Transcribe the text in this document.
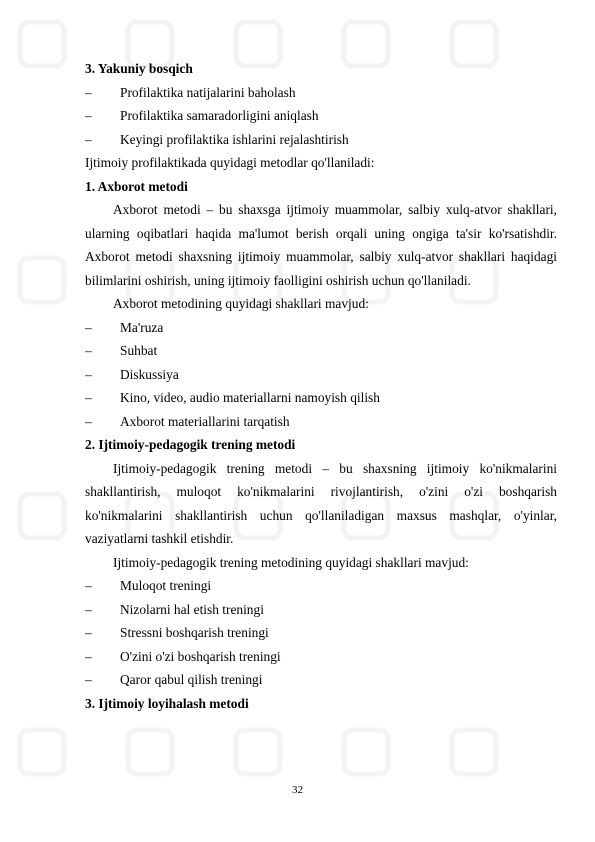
3. Yakuniy bosqich
– Profilaktika natijalarini baholash
– Profilaktika samaradorligini aniqlash
– Keyingi profilaktika ishlarini rejalashtirish
Ijtimoiy profilaktikada quyidagi metodlar qo'llaniladi:
1. Axborot metodi

Axborot metodi – bu shaxsga ijtimoiy muammolar, salbiy xulq-atvor shakllari, ularning oqibatlari haqida ma'lumot berish orqali uning ongiga ta'sir ko'rsatishdir. Axborot metodi shaxsning ijtimoiy muammolar, salbiy xulq-atvor shakllari haqidagi bilimlarini oshirish, uning ijtimoiy faolligini oshirish uchun qo'llaniladi.

Axborot metodining quyidagi shakllari mavjud:
– Ma'ruza
– Suhbat
– Diskussiya
– Kino, video, audio materiallarni namoyish qilish
– Axborot materiallarini tarqatish
2. Ijtimoiy-pedagogik trening metodi

Ijtimoiy-pedagogik trening metodi – bu shaxsning ijtimoiy ko'nikmalarini shakllantirish, muloqot ko'nikmalarini rivojlantirish, o'zini o'zi boshqarish ko'nikmalarini shakllantirish uchun qo'llaniladigan maxsus mashqlar, o'yinlar, vaziyatlarni tashkil etishdir.

Ijtimoiy-pedagogik trening metodining quyidagi shakllari mavjud:
– Muloqot treningi
– Nizolarni hal etish treningi
– Stressni boshqarish treningi
– O'zini o'zi boshqarish treningi
– Qaror qabul qilish treningi
3. Ijtimoiy loyihalash metodi
32
